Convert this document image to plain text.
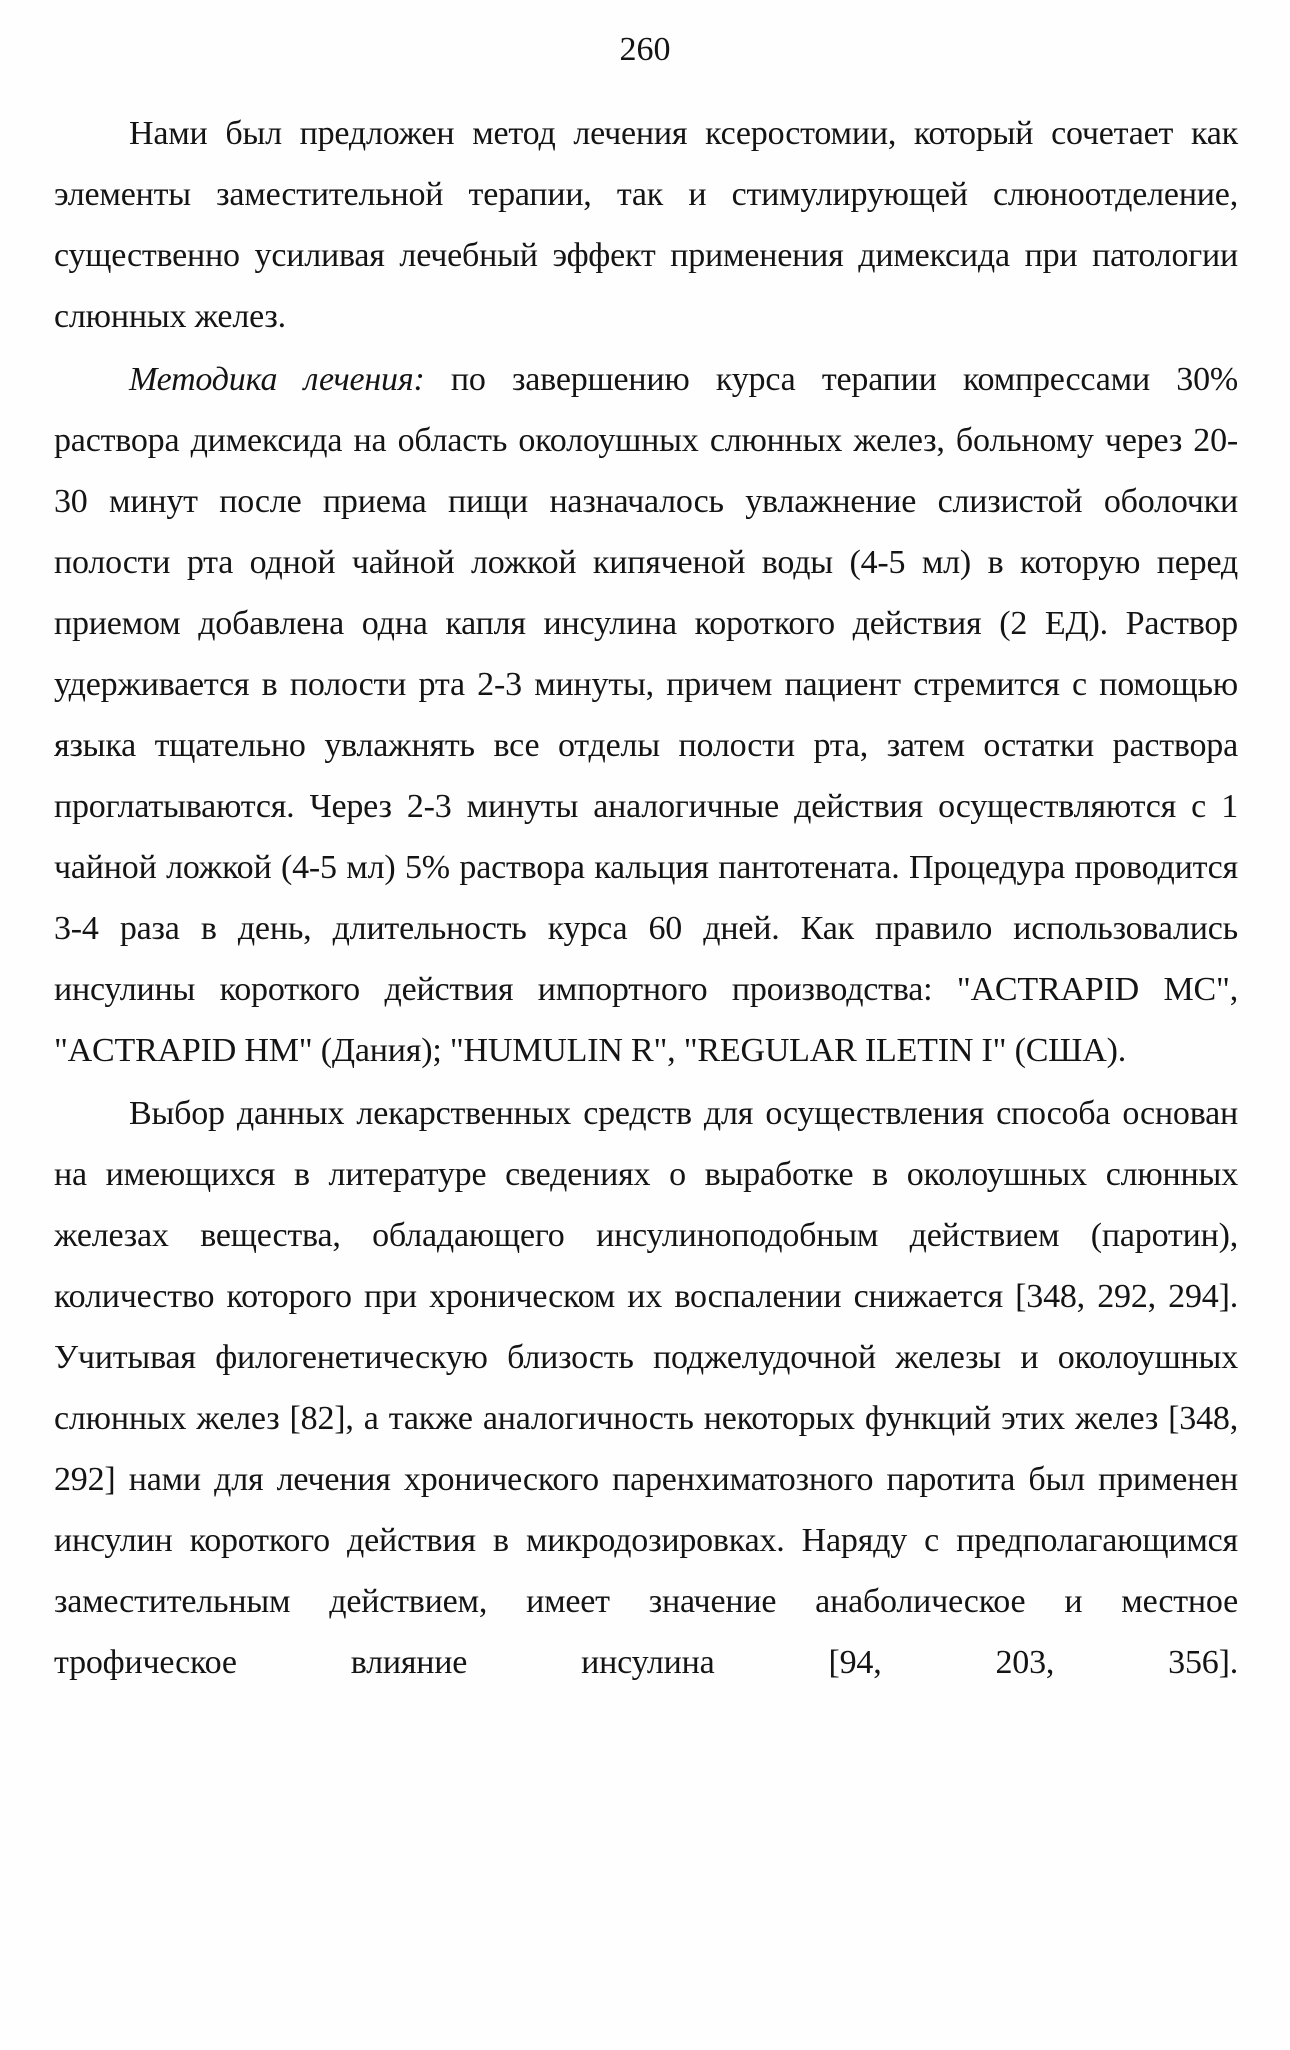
260

Нами был предложен метод лечения ксеростомии, который сочетает как элементы заместительной терапии, так и стимулирующей слюноотделение, существенно усиливая лечебный эффект применения димексида при патологии слюнных желез.

Методика лечения: по завершению курса терапии компрессами 30% раствора димексида на область околоушных слюнных желез, больному через 20-30 минут после приема пищи назначалось увлажнение слизистой оболочки полости рта одной чайной ложкой кипяченой воды (4-5 мл) в которую перед приемом добавлена одна капля инсулина короткого действия (2 ЕД). Раствор удерживается в полости рта 2-3 минуты, причем пациент стремится с помощью языка тщательно увлажнять все отделы полости рта, затем остатки раствора проглатываются. Через 2-3 минуты аналогичные действия осуществляются с 1 чайной ложкой (4-5 мл) 5% раствора кальция пантотената. Процедура проводится 3-4 раза в день, длительность курса 60 дней. Как правило использовались инсулины короткого действия импортного производства: "ACTRAPID MC", "ACTRAPID HM" (Дания); "HUMULIN R", "REGULAR ILETIN I" (США).

Выбор данных лекарственных средств для осуществления способа основан на имеющихся в литературе сведениях о выработке в околоушных слюнных железах вещества, обладающего инсулиноподобным действием (паротин), количество которого при хроническом их воспалении снижается [348, 292, 294]. Учитывая филогенетическую близость поджелудочной железы и околоушных слюнных желез [82], а также аналогичность некоторых функций этих желез [348, 292] нами для лечения хронического паренхиматозного паротита был применен инсулин короткого действия в микродозировках. Наряду с предполагающимся заместительным действием, имеет значение анаболическое и местное трофическое влияние инсулина [94, 203, 356].
